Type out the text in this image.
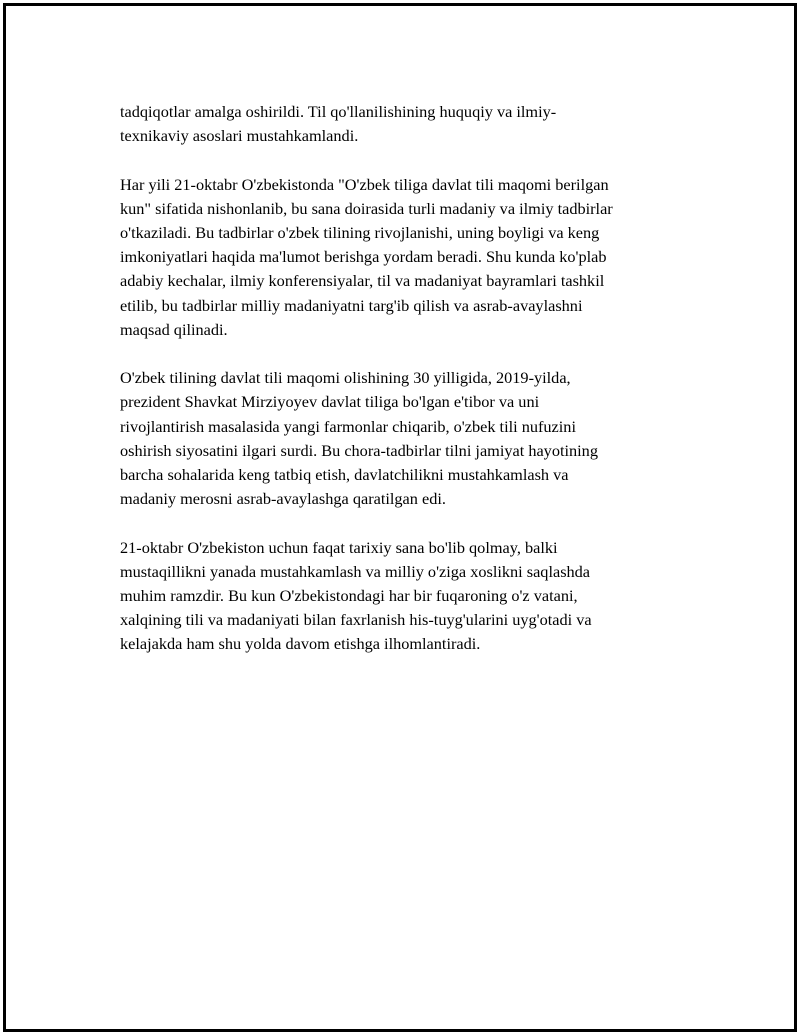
tadqiqotlar amalga oshirildi. Til qo'llanilishining huquqiy va ilmiy-
texnikaviy asoslari mustahkamlandi.

Har yili 21-oktabr O'zbekistonda "O'zbek tiliga davlat tili maqomi berilgan
kun" sifatida nishonlanib, bu sana doirasida turli madaniy va ilmiy tadbirlar
o'tkaziladi. Bu tadbirlar o'zbek tilining rivojlanishi, uning boyligi va keng
imkoniyatlari haqida ma'lumot berishga yordam beradi. Shu kunda ko'plab
adabiy kechalar, ilmiy konferensiyalar, til va madaniyat bayramlari tashkil
etilib, bu tadbirlar milliy madaniyatni targ'ib qilish va asrab-avaylashni
maqsad qilinadi.

O'zbek tilining davlat tili maqomi olishining 30 yilligida, 2019-yilda,
prezident Shavkat Mirziyoyev davlat tiliga bo'lgan e'tibor va uni
rivojlantirish masalasida yangi farmonlar chiqarib, o'zbek tili nufuzini
oshirish siyosatini ilgari surdi. Bu chora-tadbirlar tilni jamiyat hayotining
barcha sohalarida keng tatbiq etish, davlatchilikni mustahkamlash va
madaniy merosni asrab-avaylashga qaratilgan edi.

21-oktabr O'zbekiston uchun faqat tarixiy sana bo'lib qolmay, balki
mustaqillikni yanada mustahkamlash va milliy o'ziga xoslikni saqlashda
muhim ramzdir. Bu kun O'zbekistondagi har bir fuqaroning o'z vatani,
xalqining tili va madaniyati bilan faxrlanish his-tuyg'ularini uyg'otadi va
kelajakda ham shu yolda davom etishga ilhomlantiradi.
